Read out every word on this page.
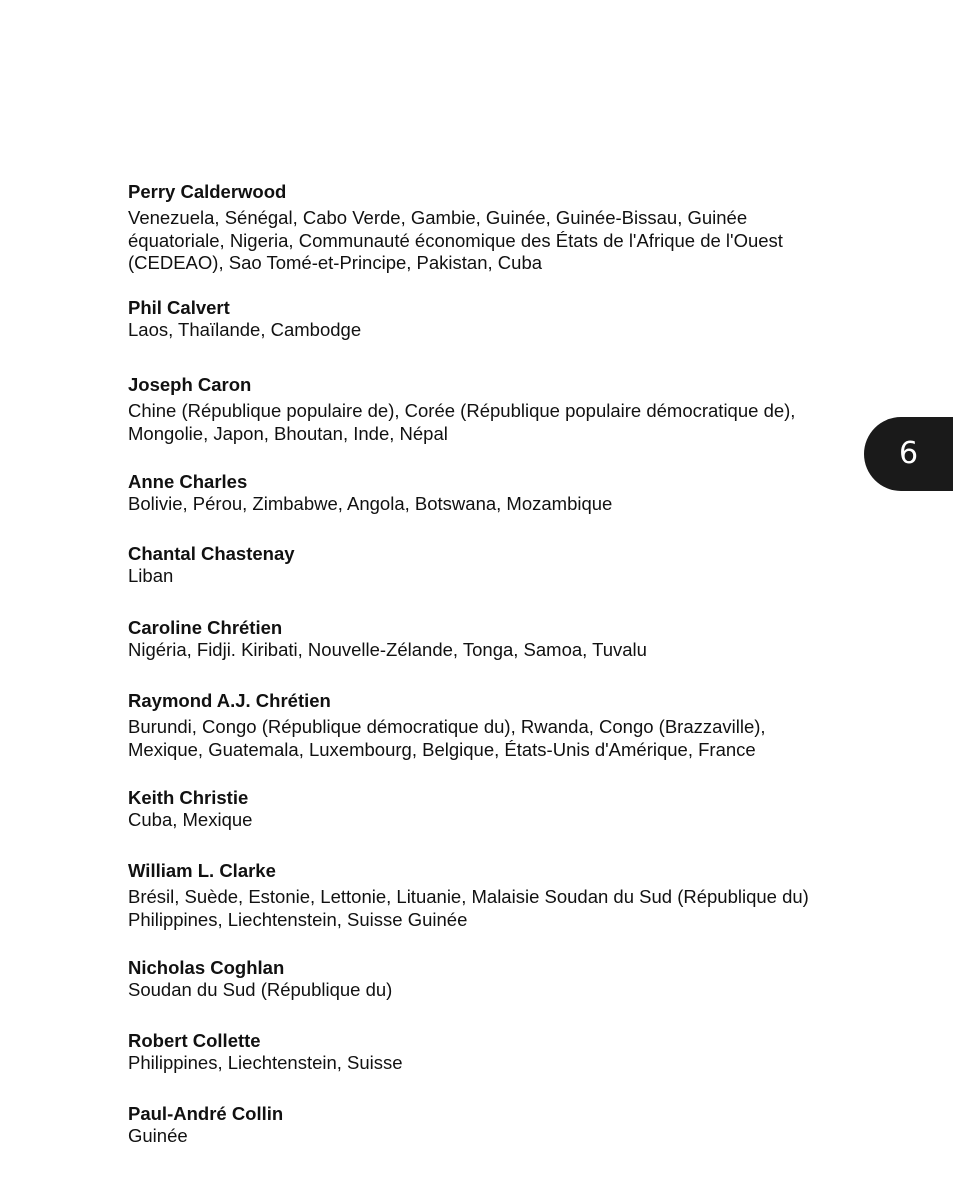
Perry Calderwood

Venezuela, Sénégal, Cabo Verde, Gambie, Guinée, Guinée-Bissau, Guinée équatoriale, Nigeria, Communauté économique des États de l'Afrique de l'Ouest (CEDEAO), Sao Tomé-et-Principe, Pakistan, Cuba

Phil Calvert

Laos, Thaïlande, Cambodge

Joseph Caron

Chine (République populaire de), Corée (République populaire démocratique de), Mongolie, Japon, Bhoutan, Inde, Népal

Anne Charles

Bolivie, Pérou, Zimbabwe, Angola, Botswana, Mozambique

Chantal Chastenay

Liban

Caroline Chrétien

Nigéria, Fidji. Kiribati, Nouvelle-Zélande, Tonga, Samoa, Tuvalu

Raymond A.J. Chrétien

Burundi, Congo (République démocratique du), Rwanda, Congo (Brazzaville), Mexique, Guatemala, Luxembourg, Belgique, États-Unis d'Amérique, France

Keith Christie

Cuba, Mexique

William L. Clarke

Brésil, Suède, Estonie, Lettonie, Lituanie, Malaisie Soudan du Sud (République du) Philippines, Liechtenstein, Suisse Guinée

Nicholas Coghlan

Soudan du Sud (République du)

Robert Collette

Philippines, Liechtenstein, Suisse

Paul-André Collin

Guinée

6
